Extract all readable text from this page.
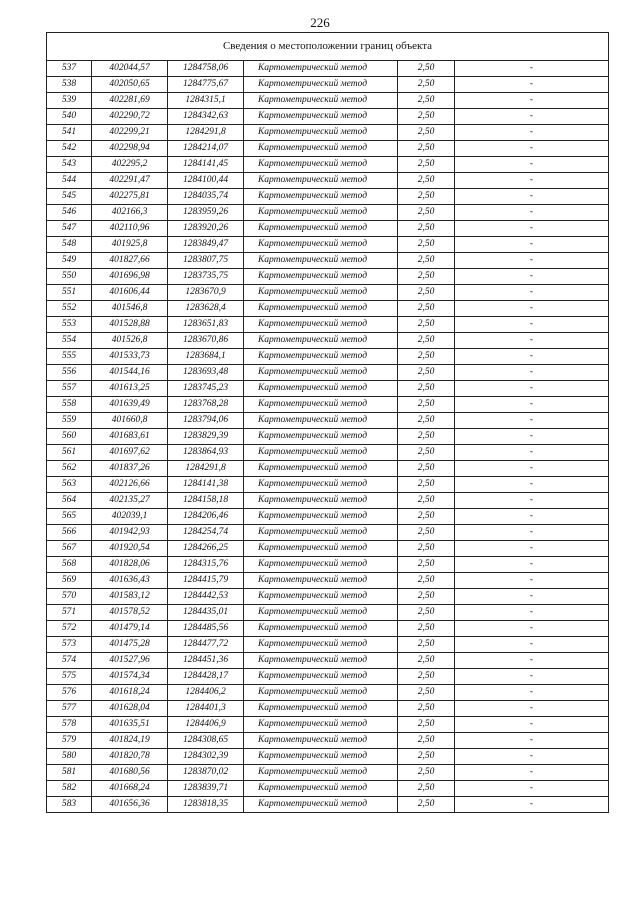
226
Сведения о местоположении границ объекта					
537	402044,57	1284758,06	Картометрический метод	2,50	-
538	402050,65	1284775,67	Картометрический метод	2,50	-
539	402281,69	1284315,1	Картометрический метод	2,50	-
540	402290,72	1284342,63	Картометрический метод	2,50	-
541	402299,21	1284291,8	Картометрический метод	2,50	-
542	402298,94	1284214,07	Картометрический метод	2,50	-
543	402295,2	1284141,45	Картометрический метод	2,50	-
544	402291,47	1284100,44	Картометрический метод	2,50	-
545	402275,81	1284035,74	Картометрический метод	2,50	-
546	402166,3	1283959,26	Картометрический метод	2,50	-
547	402110,96	1283920,26	Картометрический метод	2,50	-
548	401925,8	1283849,47	Картометрический метод	2,50	-
549	401827,66	1283807,75	Картометрический метод	2,50	-
550	401696,98	1283735,75	Картометрический метод	2,50	-
551	401606,44	1283670,9	Картометрический метод	2,50	-
552	401546,8	1283628,4	Картометрический метод	2,50	-
553	401528,88	1283651,83	Картометрический метод	2,50	-
554	401526,8	1283670,86	Картометрический метод	2,50	-
555	401533,73	1283684,1	Картометрический метод	2,50	-
556	401544,16	1283693,48	Картометрический метод	2,50	-
557	401613,25	1283745,23	Картометрический метод	2,50	-
558	401639,49	1283768,28	Картометрический метод	2,50	-
559	401660,8	1283794,06	Картометрический метод	2,50	-
560	401683,61	1283829,39	Картометрический метод	2,50	-
561	401697,62	1283864,93	Картометрический метод	2,50	-
562	401837,26	1284291,8	Картометрический метод	2,50	-
563	402126,66	1284141,38	Картометрический метод	2,50	-
564	402135,27	1284158,18	Картометрический метод	2,50	-
565	402039,1	1284206,46	Картометрический метод	2,50	-
566	401942,93	1284254,74	Картометрический метод	2,50	-
567	401920,54	1284266,25	Картометрический метод	2,50	-
568	401828,06	1284315,76	Картометрический метод	2,50	-
569	401636,43	1284415,79	Картометрический метод	2,50	-
570	401583,12	1284442,53	Картометрический метод	2,50	-
571	401578,52	1284435,01	Картометрический метод	2,50	-
572	401479,14	1284485,56	Картометрический метод	2,50	-
573	401475,28	1284477,72	Картометрический метод	2,50	-
574	401527,96	1284451,36	Картометрический метод	2,50	-
575	401574,34	1284428,17	Картометрический метод	2,50	-
576	401618,24	1284406,2	Картометрический метод	2,50	-
577	401628,04	1284401,3	Картометрический метод	2,50	-
578	401635,51	1284406,9	Картометрический метод	2,50	-
579	401824,19	1284308,65	Картометрический метод	2,50	-
580	401820,78	1284302,39	Картометрический метод	2,50	-
581	401680,56	1283870,02	Картометрический метод	2,50	-
582	401668,24	1283839,71	Картометрический метод	2,50	-
583	401656,36	1283818,35	Картометрический метод	2,50	-
